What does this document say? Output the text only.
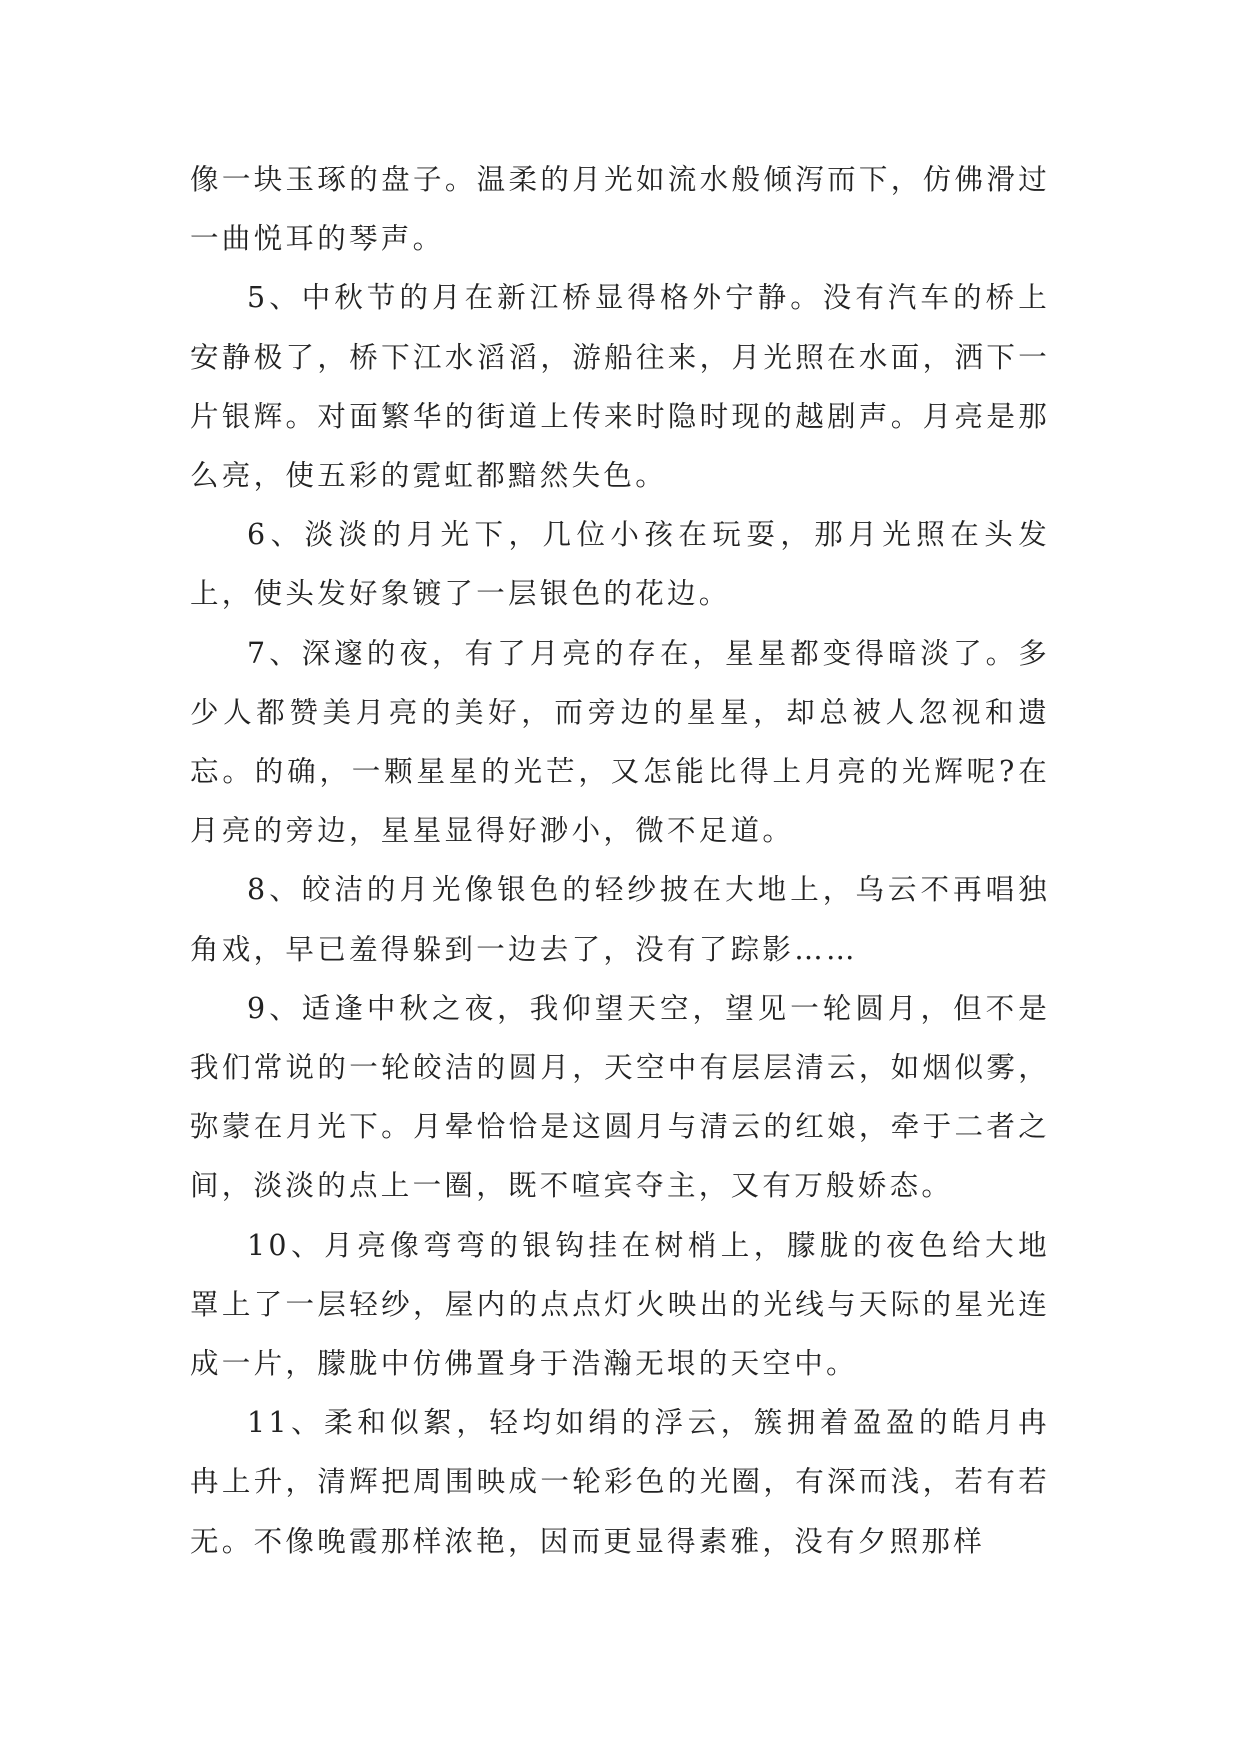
像一块玉琢的盘子。温柔的月光如流水般倾泻而下，仿佛滑过一曲悦耳的琴声。

5、中秋节的月在新江桥显得格外宁静。没有汽车的桥上安静极了，桥下江水滔滔，游船往来，月光照在水面，洒下一片银辉。对面繁华的街道上传来时隐时现的越剧声。月亮是那么亮，使五彩的霓虹都黯然失色。

6、淡淡的月光下，几位小孩在玩耍，那月光照在头发上，使头发好象镀了一层银色的花边。

7、深邃的夜，有了月亮的存在，星星都变得暗淡了。多少人都赞美月亮的美好，而旁边的星星，却总被人忽视和遗忘。的确，一颗星星的光芒，又怎能比得上月亮的光辉呢?在月亮的旁边，星星显得好渺小，微不足道。

8、皎洁的月光像银色的轻纱披在大地上，乌云不再唱独角戏，早已羞得躲到一边去了，没有了踪影……

9、适逢中秋之夜，我仰望天空，望见一轮圆月，但不是我们常说的一轮皎洁的圆月，天空中有层层清云，如烟似雾，弥蒙在月光下。月晕恰恰是这圆月与清云的红娘，牵于二者之间，淡淡的点上一圈，既不喧宾夺主，又有万般娇态。

10、月亮像弯弯的银钩挂在树梢上，朦胧的夜色给大地罩上了一层轻纱，屋内的点点灯火映出的光线与天际的星光连成一片，朦胧中仿佛置身于浩瀚无垠的天空中。

11、柔和似絮，轻均如绢的浮云，簇拥着盈盈的皓月冉冉上升，清辉把周围映成一轮彩色的光圈，有深而浅，若有若无。不像晚霞那样浓艳，因而更显得素雅，没有夕照那样
